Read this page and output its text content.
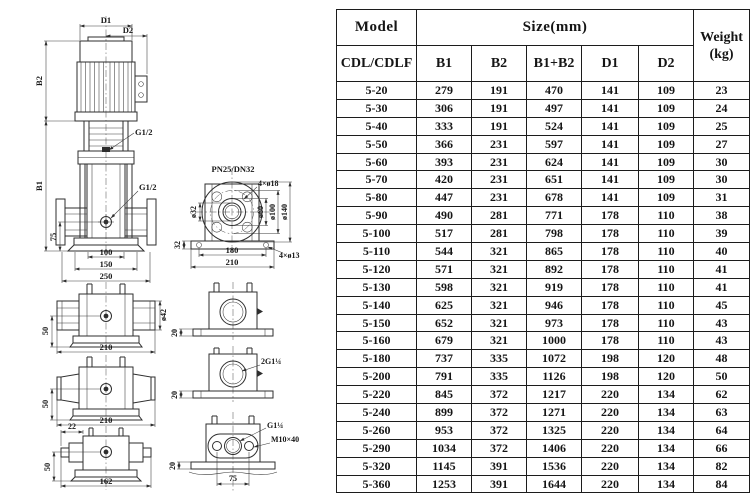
D1
D2
B2
B1
75
G1/2
G1/2
100
150
250
PN25/DN32
4×ø18
ø32	ø60 ø100 ø140
32	180
210
4×ø13
50
210
ø42
50
210
22
50
162
20
2G1¼
20
G1¼
M10×40
20
75
Model	Size(mm)					Weight
(kg)

CDL/CDLF	B1	B2	B1+B2	D1	D2	
5-20	279	191	470	141	109	23
5-30	306	191	497	141	109	24
5-40	333	191	524	141	109	25
5-50	366	231	597	141	109	27
5-60	393	231	624	141	109	30
5-70	420	231	651	141	109	30
5-80	447	231	678	141	109	31
5-90	490	281	771	178	110	38
5-100	517	281	798	178	110	39
5-110	544	321	865	178	110	40
5-120	571	321	892	178	110	41
5-130	598	321	919	178	110	41
5-140	625	321	946	178	110	45
5-150	652	321	973	178	110	43
5-160	679	321	1000	178	110	43
5-180	737	335	1072	198	120	48
5-200	791	335	1126	198	120	50
5-220	845	372	1217	220	134	62
5-240	899	372	1271	220	134	63
5-260	953	372	1325	220	134	64
5-290	1034	372	1406	220	134	66
5-320	1145	391	1536	220	134	82
5-360	1253	391	1644	220	134	84
